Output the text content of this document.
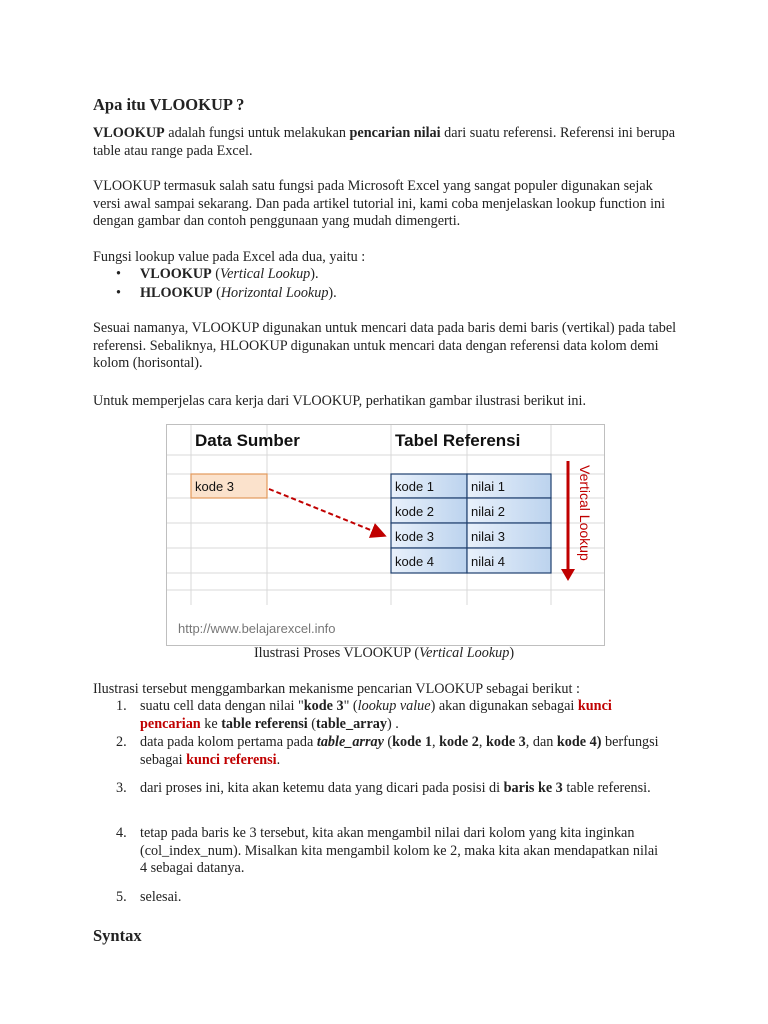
Apa itu VLOOKUP ?

VLOOKUP adalah fungsi untuk melakukan pencarian nilai dari suatu referensi. Referensi ini berupa table atau range pada Excel.

VLOOKUP termasuk salah satu fungsi pada Microsoft Excel yang sangat populer digunakan sejak versi awal sampai sekarang. Dan pada artikel tutorial ini, kami coba menjelaskan lookup function ini dengan gambar dan contoh penggunaan yang mudah dimengerti.

Fungsi lookup value pada Excel ada dua, yaitu :

• VLOOKUP (Vertical Lookup).
• HLOOKUP (Horizontal Lookup).

Sesuai namanya, VLOOKUP digunakan untuk mencari data pada baris demi baris (vertikal) pada tabel referensi. Sebaliknya, HLOOKUP digunakan untuk mencari data dengan referensi data kolom demi kolom (horisontal).

Untuk memperjelas cara kerja dari VLOOKUP, perhatikan gambar ilustrasi berikut ini.

Data Sumber	Tabel Referensi
kode 3	kode 1	nilai 1
kode 2	nilai 2
kode 3	nilai 3
kode 4	nilai 4
Vertical Lookup
http://www.belajarexcel.info
Ilustrasi Proses VLOOKUP (Vertical Lookup)

Ilustrasi tersebut menggambarkan mekanisme pencarian VLOOKUP sebagai berikut :

1. suatu cell data dengan nilai "kode 3" (lookup value) akan digunakan sebagai kunci pencarian ke table referensi (table_array) .
2. data pada kolom pertama pada table_array (kode 1, kode 2, kode 3, dan kode 4) berfungsi sebagai kunci referensi.
3. dari proses ini, kita akan ketemu data yang dicari pada posisi di baris ke 3 table referensi.
4. tetap pada baris ke 3 tersebut, kita akan mengambil nilai dari kolom yang kita inginkan (col_index_num). Misalkan kita mengambil kolom ke 2, maka kita akan mendapatkan nilai 4 sebagai datanya.
5. selesai.
Syntax
